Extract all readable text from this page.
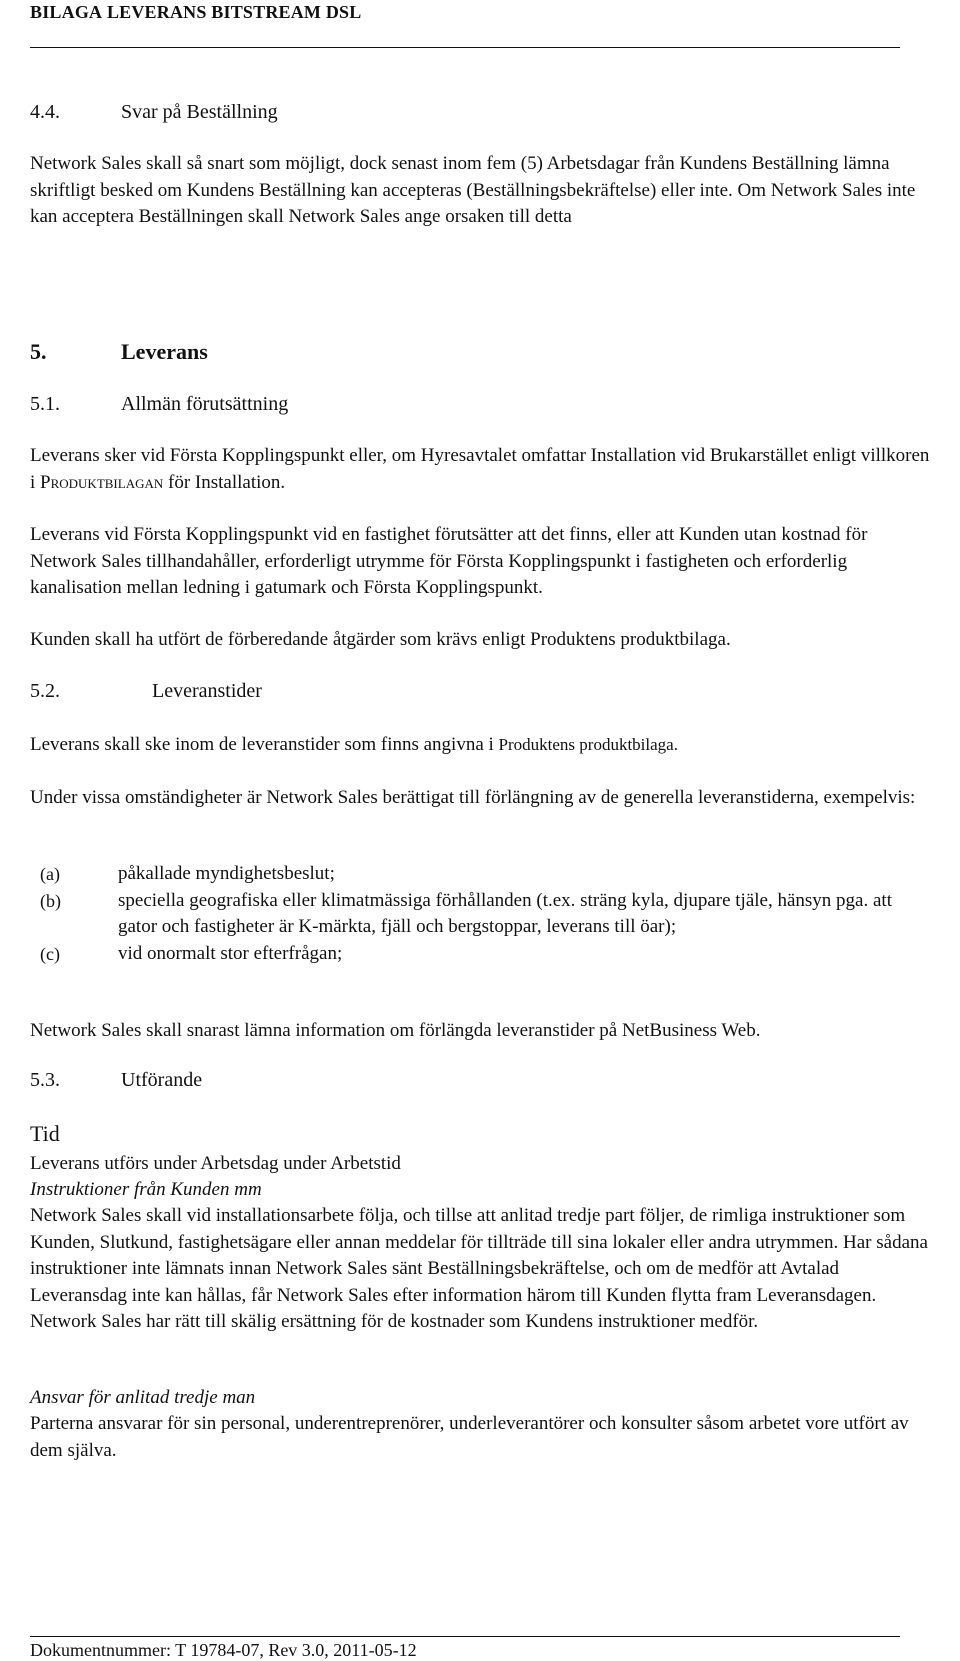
BILAGA LEVERANS BITSTREAM DSL
4.4.	Svar på Beställning

Network Sales skall så snart som möjligt, dock senast inom fem (5) Arbetsdagar från Kundens Beställning lämna skriftligt besked om Kundens Beställning kan accepteras (Beställningsbekräftelse) eller inte. Om Network Sales inte kan acceptera Beställningen skall Network Sales ange orsaken till detta

5.	Leverans
5.1.	Allmän förutsättning

Leverans sker vid Första Kopplingspunkt eller, om Hyresavtalet omfattar Installation vid Brukarstället enligt villkoren i Produktbilagan för Installation.

Leverans vid Första Kopplingspunkt vid en fastighet förutsätter att det finns, eller att Kunden utan kostnad för Network Sales tillhandahåller, erforderligt utrymme för Första Kopplingspunkt i fastigheten och erforderlig kanalisation mellan ledning i gatumark och Första Kopplingspunkt.

Kunden skall ha utfört de förberedande åtgärder som krävs enligt Produktens produktbilaga.

5.2.	Leveranstider

Leverans skall ske inom de leveranstider som finns angivna i Produktens produktbilaga.

Under vissa omständigheter är Network Sales berättigat till förlängning av de generella leveranstiderna, exempelvis:

(a)	påkallade myndighetsbeslut;
(b)	speciella geografiska eller klimatmässiga förhållanden (t.ex. sträng kyla, djupare tjäle, hänsyn pga. att gator och fastigheter är K-märkta, fjäll och bergstoppar, leverans till öar);
(c)	vid onormalt stor efterfrågan;

Network Sales skall snarast lämna information om förlängda leveranstider på NetBusiness Web.

5.3.	Utförande
Tid

Leverans utförs under Arbetsdag under Arbetstid

Instruktioner från Kunden mm

Network Sales skall vid installationsarbete följa, och tillse att anlitad tredje part följer, de rimliga instruktioner som Kunden, Slutkund, fastighetsägare eller annan meddelar för tillträde till sina lokaler eller andra utrymmen. Har sådana instruktioner inte lämnats innan Network Sales sänt Beställningsbekräftelse, och om de medför att Avtalad Leveransdag inte kan hållas, får Network Sales efter information härom till Kunden flytta fram Leveransdagen. Network Sales har rätt till skälig ersättning för de kostnader som Kundens instruktioner medför.

Ansvar för anlitad tredje man

Parterna ansvarar för sin personal, underentreprenörer, underleverantörer och konsulter såsom arbetet vore utfört av dem själva.

Dokumentnummer: T 19784-07, Rev 3.0, 2011-05-12
